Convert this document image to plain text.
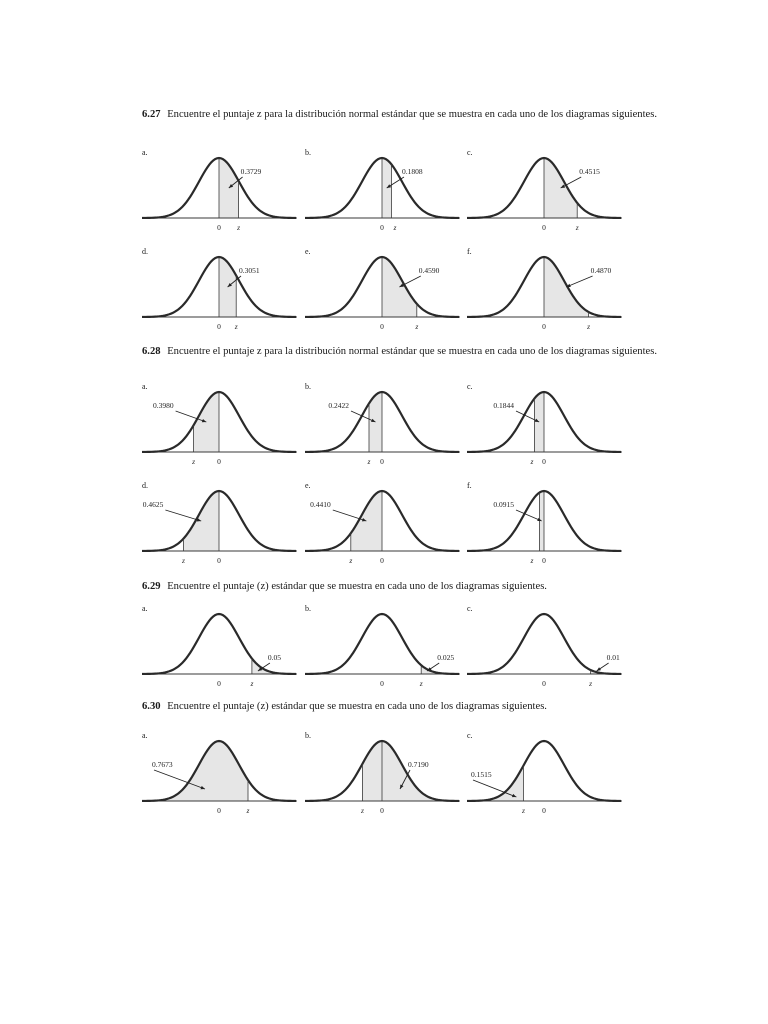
6.27 Encuentre el puntaje z para la distribución normal estándar que se muestra en cada uno de los diagramas siguientes.
a.
0 z
0.3729
b.
0 z
0.1808
c.
0	z
0.4515
d.
0 z
0.3051
e.
0	z
0.4590
f.
0	z
0.4870
6.28 Encuentre el puntaje z para la distribución normal estándar que se muestra en cada uno de los diagramas siguientes.
a.
0
z
0.3980
b.
0
z
0.2422
c.
0
z
0.1844
d.
0
z
0.4625
e.
0
z
0.4410
f.
0
z
0.0915
6.29 Encuentre el puntaje (z) estándar que se muestra en cada uno de los diagramas siguientes.
a.
0	z
0.05
b.
0	z
0.025
c.
0	z
0.01
6.30 Encuentre el puntaje (z) estándar que se muestra en cada uno de los diagramas siguientes.
a.
0	z
0.7673
b.
0
z
0.7190
c.
0
z
0.1515
